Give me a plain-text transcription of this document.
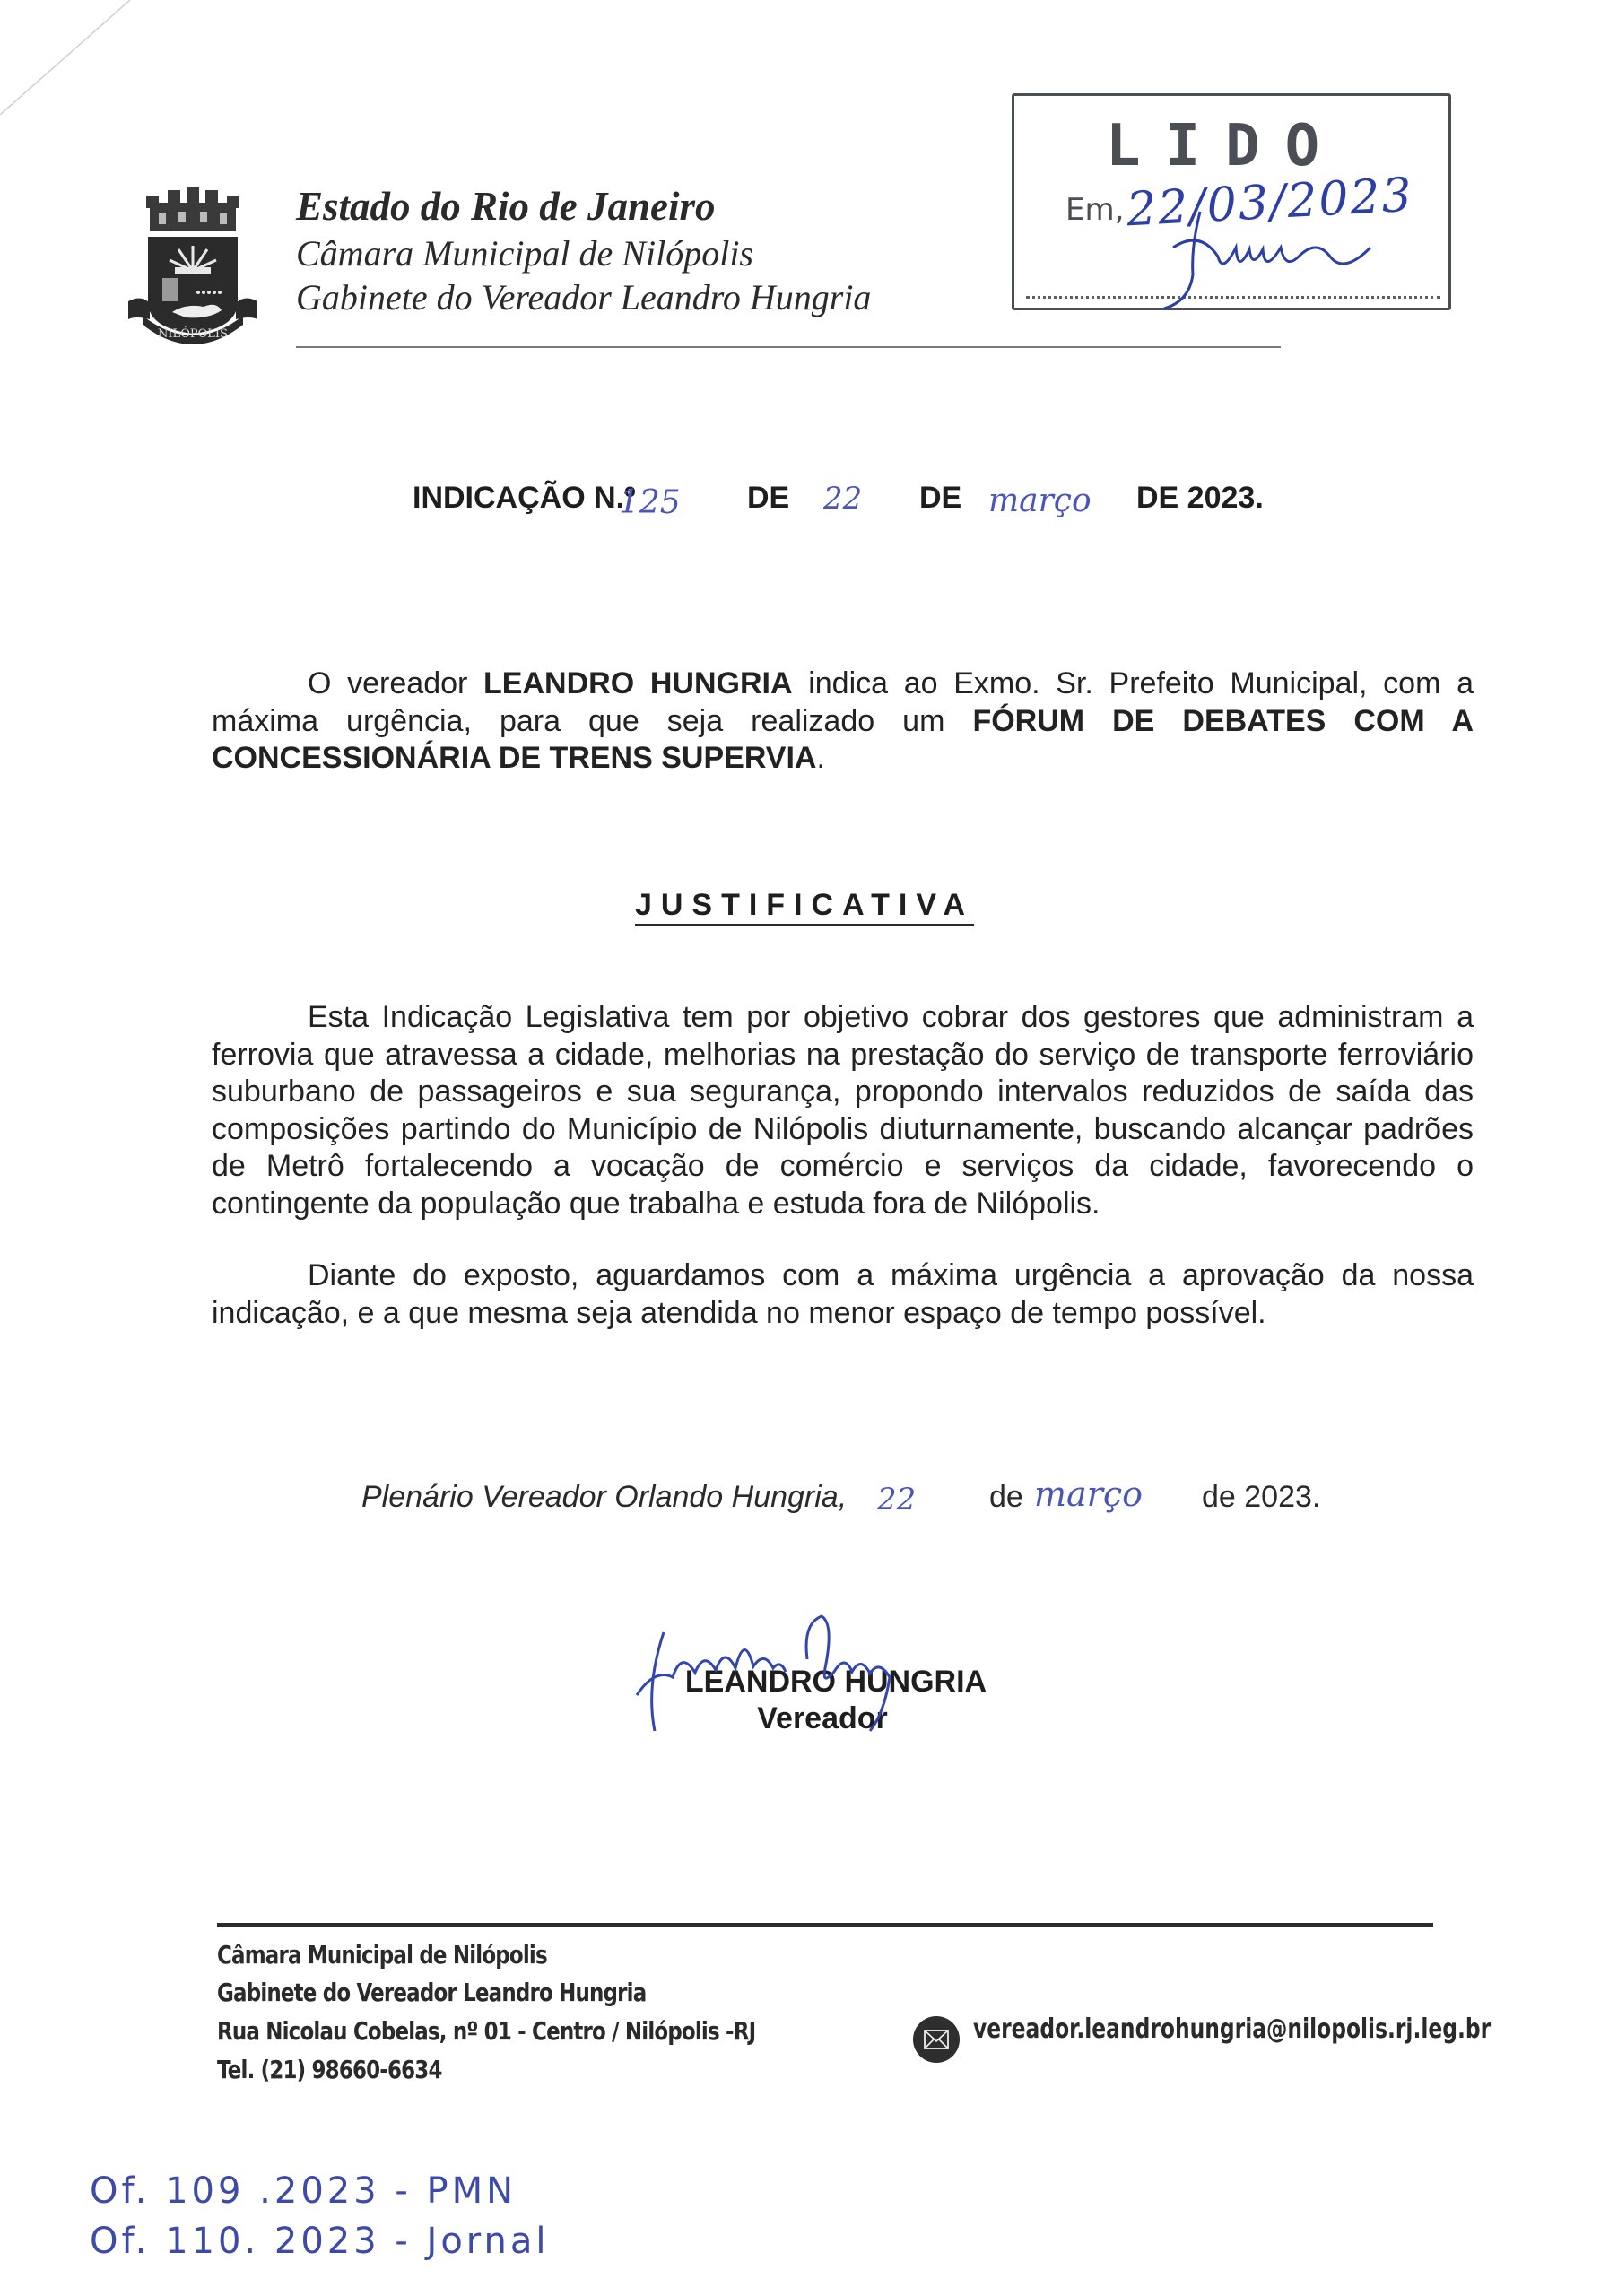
NILÓPOLIS
Estado do Rio de Janeiro
Câmara Municipal de Nilópolis
Gabinete do Vereador Leandro Hungria
LIDO
Em, 22/03/2023
INDICAÇÃO N.º
125 DE 22 DE março DE 2023.

O vereador LEANDRO HUNGRIA indica ao Exmo. Sr. Prefeito Municipal, com a máxima urgência, para que seja realizado um FÓRUM DE DEBATES COM A CONCESSIONÁRIA DE TRENS SUPERVIA.

JUSTIFICATIVA

Esta Indicação Legislativa tem por objetivo cobrar dos gestores que administram a ferrovia que atravessa a cidade, melhorias na prestação do serviço de transporte ferroviário suburbano de passageiros e sua segurança, propondo intervalos reduzidos de saída das composições partindo do Município de Nilópolis diuturnamente, buscando alcançar padrões de Metrô fortalecendo a vocação de comércio e serviços da cidade, favorecendo o contingente da população que trabalha e estuda fora de Nilópolis.

Diante do exposto, aguardamos com a máxima urgência a aprovação da nossa indicação, e a que mesma seja atendida no menor espaço de tempo possível.

Plenário Vereador Orlando Hungria, 22 de março de 2023.
LEANDRO HUNGRIA
Vereador
Câmara Municipal de Nilópolis
Gabinete do Vereador Leandro Hungria
Rua Nicolau Cobelas, nº 01 - Centro / Nilópolis -RJ
Tel. (21) 98660-6634
vereador.leandrohungria@nilopolis.rj.leg.br
Of. 109 .2023 - PMN
Of. 110. 2023 - Jornal
